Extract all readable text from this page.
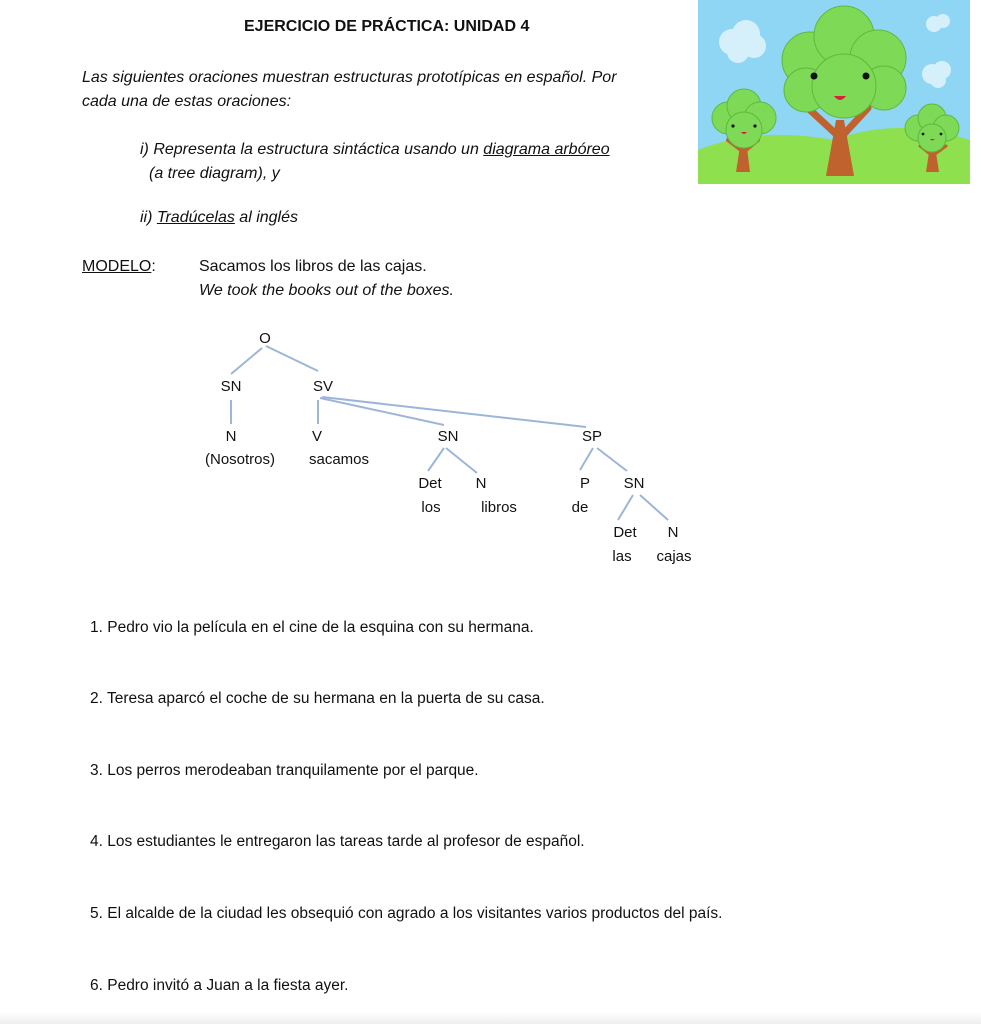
EJERCICIO DE PRÁCTICA: UNIDAD 4
Las siguientes oraciones muestran estructuras prototípicas en español. Por
cada una de estas oraciones:
i) Representa la estructura sintáctica usando un diagrama arbóreo
(a tree diagram), y
ii) Tradúcelas al inglés
MODELO:	Sacamos los libros de las cajas.
We took the books out of the boxes.
O
SN	SV
N
(Nosotros)
V
sacamos
SN	SP
Det N
los	libros
P
de
SN
Det N
las cajas
1. Pedro vio la película en el cine de la esquina con su hermana.
2. Teresa aparcó el coche de su hermana en la puerta de su casa.
3. Los perros merodeaban tranquilamente por el parque.
4. Los estudiantes le entregaron las tareas tarde al profesor de español.
5. El alcalde de la ciudad les obsequió con agrado a los visitantes varios productos del país.
6. Pedro invitó a Juan a la fiesta ayer.
